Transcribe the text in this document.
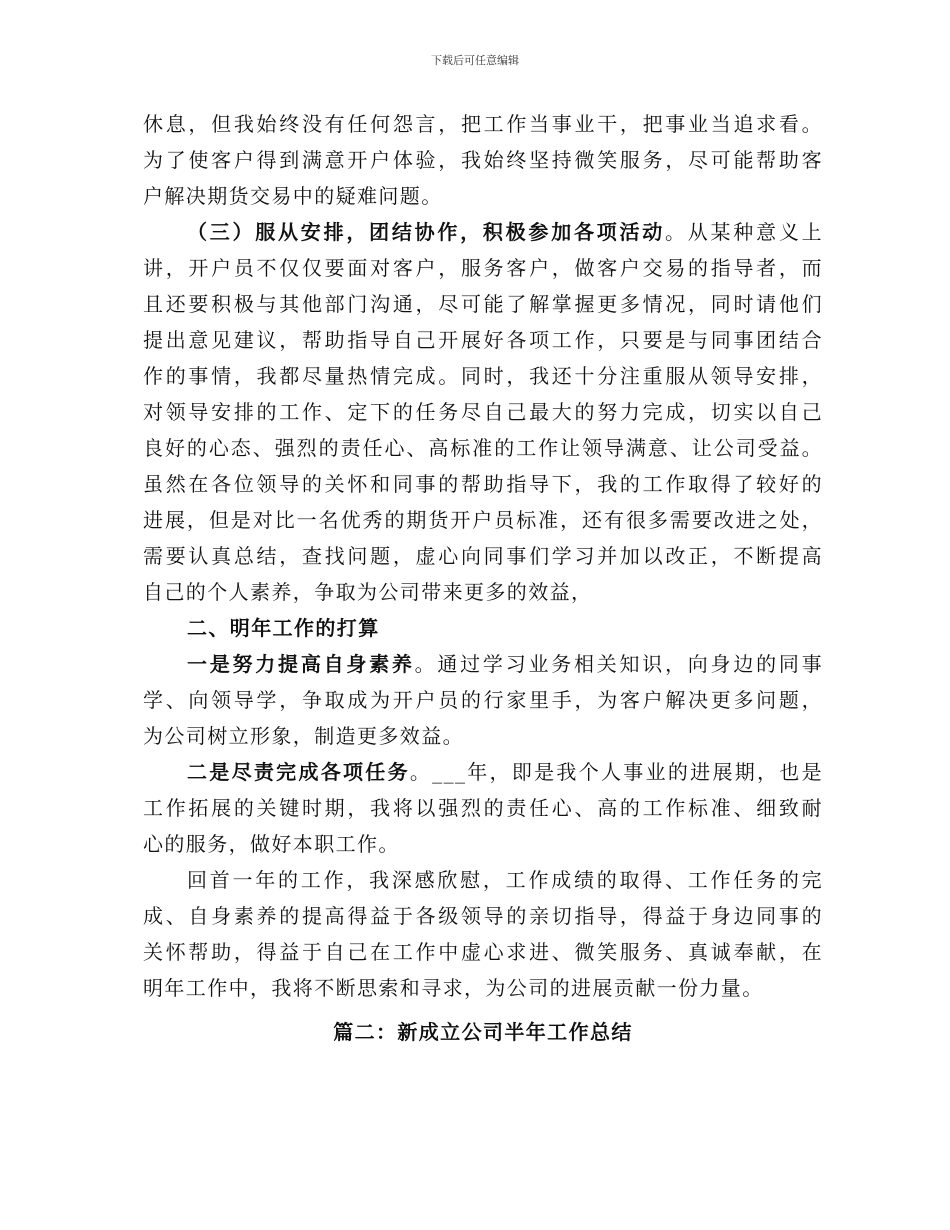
下载后可任意编辑
休息，但我始终没有任何怨言，把工作当事业干，把事业当追求看。
为了使客户得到满意开户体验，我始终坚持微笑服务，尽可能帮助客
户解决期货交易中的疑难问题。
（三）服从安排，团结协作，积极参加各项活动。从某种意义上
讲，开户员不仅仅要面对客户，服务客户，做客户交易的指导者，而
且还要积极与其他部门沟通，尽可能了解掌握更多情况，同时请他们
提出意见建议，帮助指导自己开展好各项工作，只要是与同事团结合
作的事情，我都尽量热情完成。同时，我还十分注重服从领导安排，
对领导安排的工作、定下的任务尽自己最大的努力完成，切实以自己
良好的心态、强烈的责任心、高标准的工作让领导满意、让公司受益。
虽然在各位领导的关怀和同事的帮助指导下，我的工作取得了较好的
进展，但是对比一名优秀的期货开户员标准，还有很多需要改进之处，
需要认真总结，查找问题，虚心向同事们学习并加以改正，不断提高
自己的个人素养，争取为公司带来更多的效益，
二、明年工作的打算
一是努力提高自身素养。通过学习业务相关知识，向身边的同事
学、向领导学，争取成为开户员的行家里手，为客户解决更多问题，
为公司树立形象，制造更多效益。
二是尽责完成各项任务。___年，即是我个人事业的进展期，也是
工作拓展的关键时期，我将以强烈的责任心、高的工作标准、细致耐
心的服务，做好本职工作。
回首一年的工作，我深感欣慰，工作成绩的取得、工作任务的完
成、自身素养的提高得益于各级领导的亲切指导，得益于身边同事的
关怀帮助，得益于自己在工作中虚心求进、微笑服务、真诚奉献，在
明年工作中，我将不断思索和寻求，为公司的进展贡献一份力量。
篇二：新成立公司半年工作总结
